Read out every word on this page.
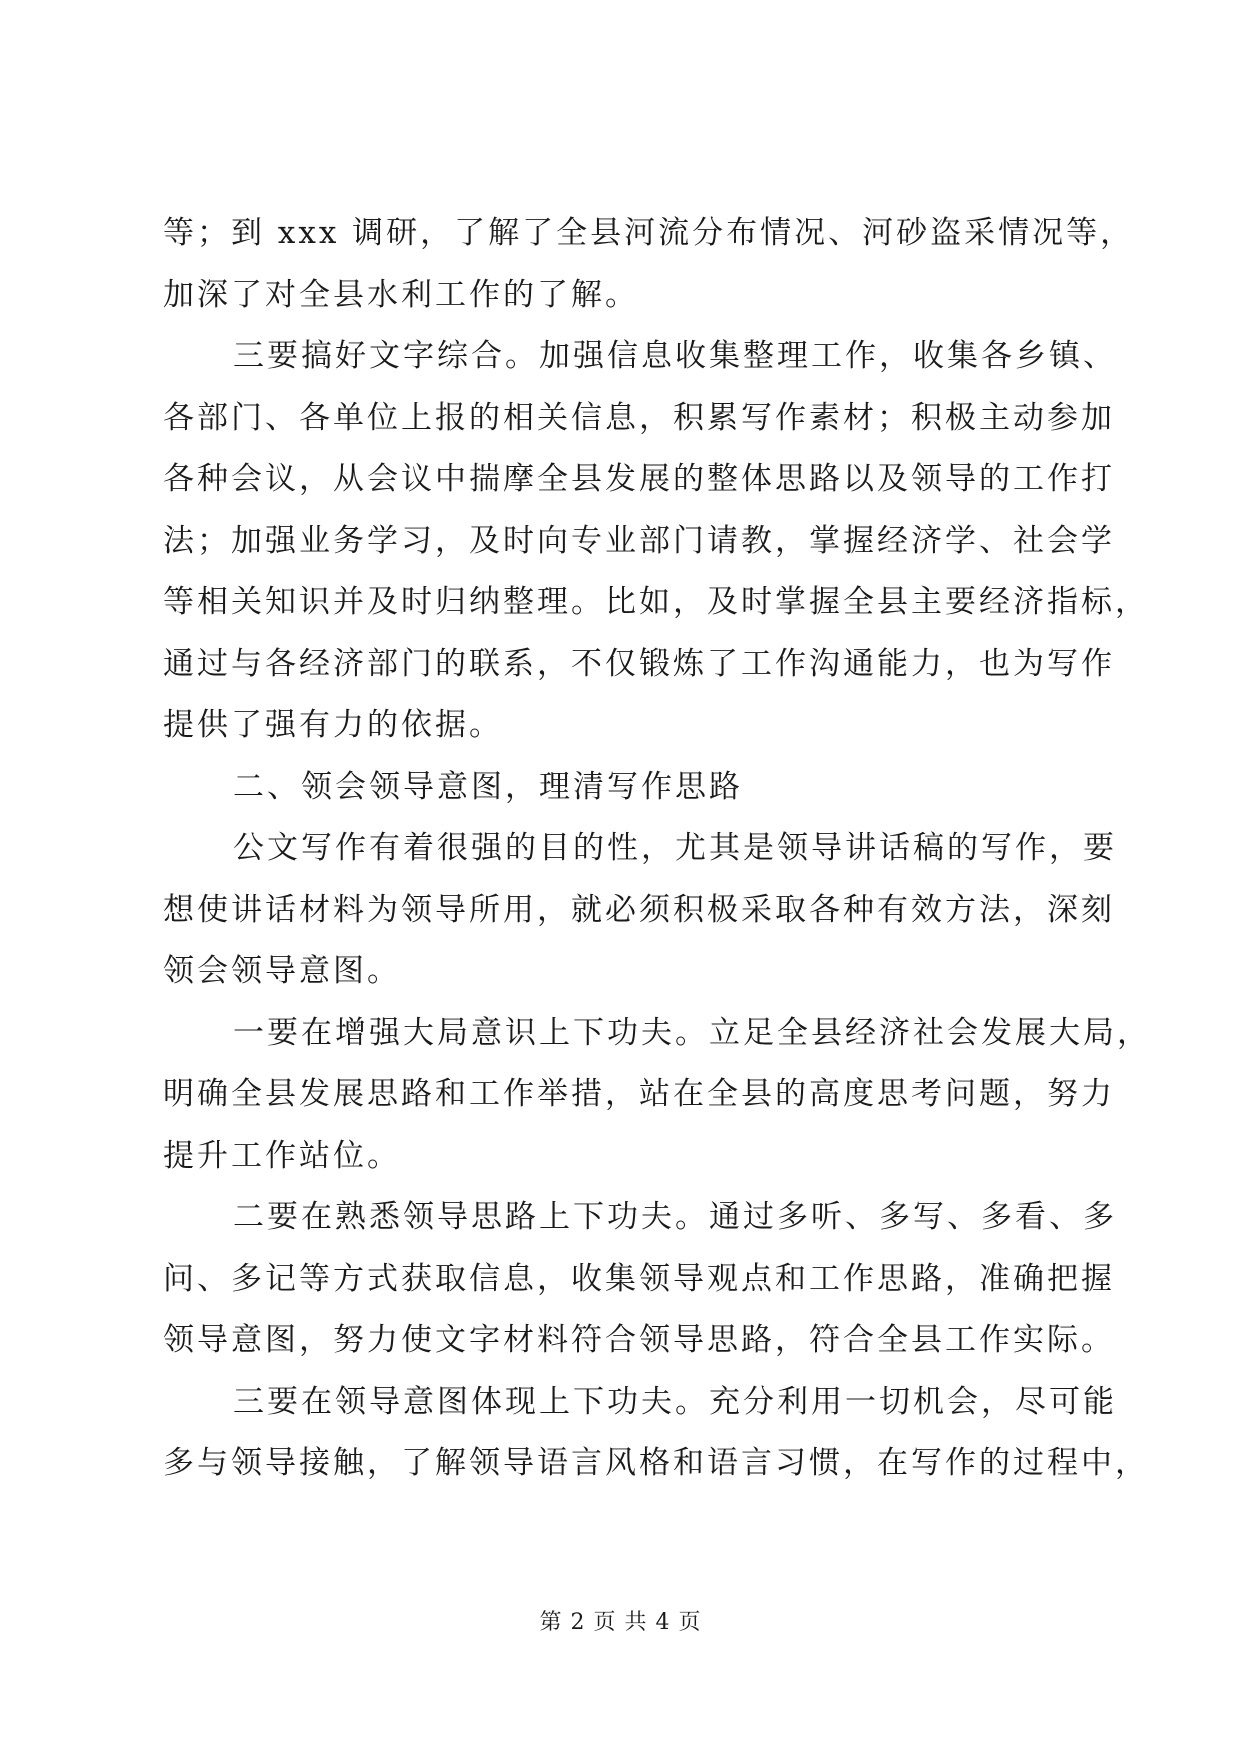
等；到 xxx 调研，了解了全县河流分布情况、河砂盗采情况等，
加深了对全县水利工作的了解。
三要搞好文字综合。加强信息收集整理工作，收集各乡镇、
各部门、各单位上报的相关信息，积累写作素材；积极主动参加
各种会议，从会议中揣摩全县发展的整体思路以及领导的工作打
法；加强业务学习，及时向专业部门请教，掌握经济学、社会学
等相关知识并及时归纳整理。比如，及时掌握全县主要经济指标，
通过与各经济部门的联系，不仅锻炼了工作沟通能力，也为写作
提供了强有力的依据。
二、领会领导意图，理清写作思路
公文写作有着很强的目的性，尤其是领导讲话稿的写作，要
想使讲话材料为领导所用，就必须积极采取各种有效方法，深刻
领会领导意图。
一要在增强大局意识上下功夫。立足全县经济社会发展大局，
明确全县发展思路和工作举措，站在全县的高度思考问题，努力
提升工作站位。
二要在熟悉领导思路上下功夫。通过多听、多写、多看、多
问、多记等方式获取信息，收集领导观点和工作思路，准确把握
领导意图，努力使文字材料符合领导思路，符合全县工作实际。
三要在领导意图体现上下功夫。充分利用一切机会，尽可能
多与领导接触，了解领导语言风格和语言习惯，在写作的过程中，
第 2 页 共 4 页
